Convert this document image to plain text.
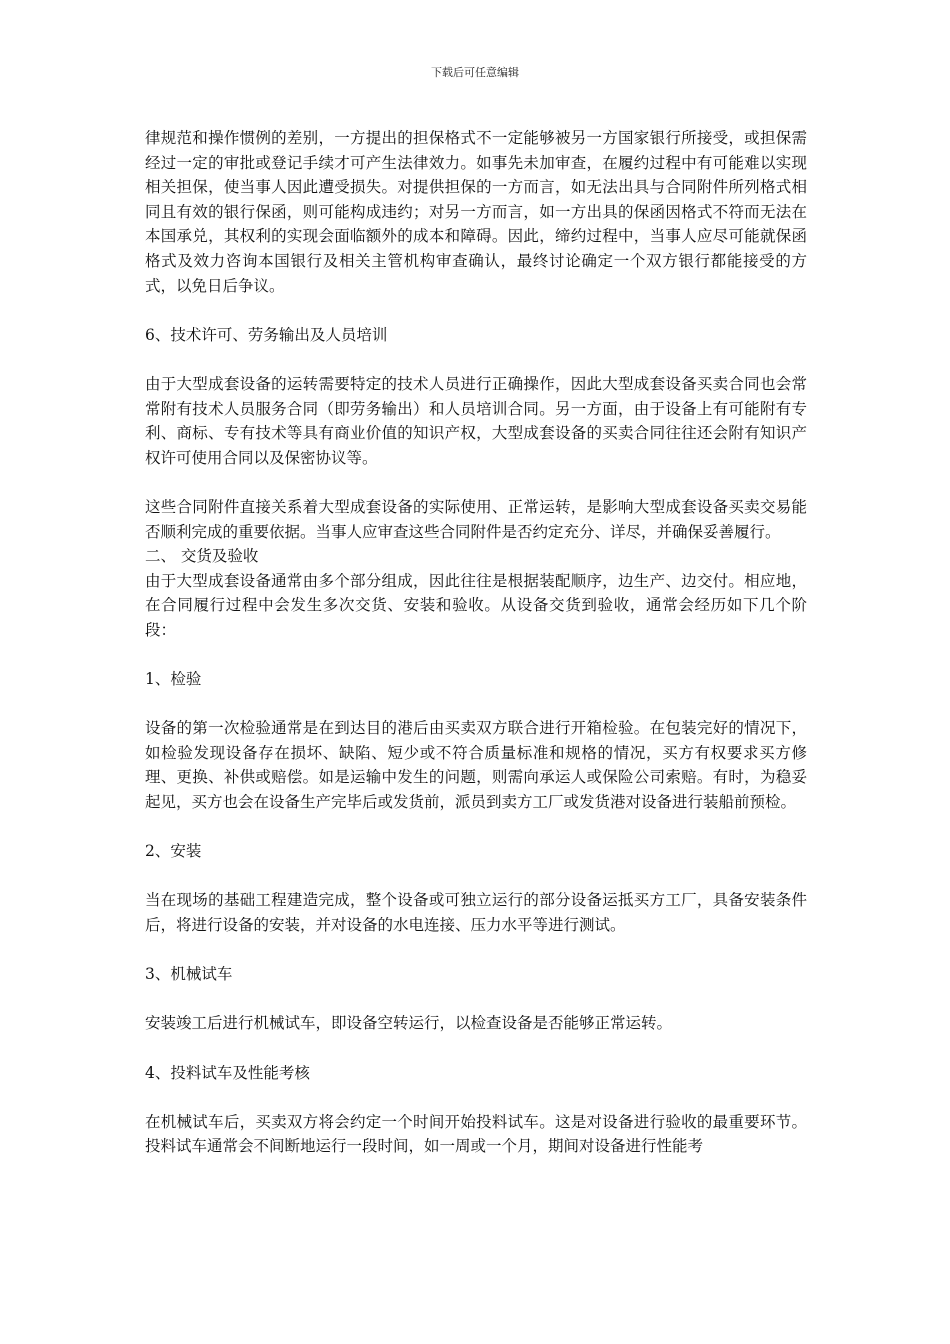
下载后可任意编辑

律规范和操作惯例的差别，一方提出的担保格式不一定能够被另一方国家银行所接受，或担保需经过一定的审批或登记手续才可产生法律效力。如事先未加审查，在履约过程中有可能难以实现相关担保，使当事人因此遭受损失。对提供担保的一方而言，如无法出具与合同附件所列格式相同且有效的银行保函，则可能构成违约；对另一方而言，如一方出具的保函因格式不符而无法在本国承兑，其权利的实现会面临额外的成本和障碍。因此，缔约过程中，当事人应尽可能就保函格式及效力咨询本国银行及相关主管机构审查确认，最终讨论确定一个双方银行都能接受的方式，以免日后争议。

6、技术许可、劳务输出及人员培训

由于大型成套设备的运转需要特定的技术人员进行正确操作，因此大型成套设备买卖合同也会常常附有技术人员服务合同（即劳务输出）和人员培训合同。另一方面，由于设备上有可能附有专利、商标、专有技术等具有商业价值的知识产权，大型成套设备的买卖合同往往还会附有知识产权许可使用合同以及保密协议等。

这些合同附件直接关系着大型成套设备的实际使用、正常运转，是影响大型成套设备买卖交易能否顺利完成的重要依据。当事人应审查这些合同附件是否约定充分、详尽，并确保妥善履行。

二、 交货及验收

由于大型成套设备通常由多个部分组成，因此往往是根据装配顺序，边生产、边交付。相应地，在合同履行过程中会发生多次交货、安装和验收。从设备交货到验收，通常会经历如下几个阶段：

1、检验

设备的第一次检验通常是在到达目的港后由买卖双方联合进行开箱检验。在包装完好的情况下，如检验发现设备存在损坏、缺陷、短少或不符合质量标准和规格的情况，买方有权要求买方修理、更换、补供或赔偿。如是运输中发生的问题，则需向承运人或保险公司索赔。有时，为稳妥起见，买方也会在设备生产完毕后或发货前，派员到卖方工厂或发货港对设备进行装船前预检。

2、安装

当在现场的基础工程建造完成，整个设备或可独立运行的部分设备运抵买方工厂，具备安装条件后，将进行设备的安装，并对设备的水电连接、压力水平等进行测试。

3、机械试车

安装竣工后进行机械试车，即设备空转运行，以检查设备是否能够正常运转。

4、投料试车及性能考核

在机械试车后，买卖双方将会约定一个时间开始投料试车。这是对设备进行验收的最重要环节。投料试车通常会不间断地运行一段时间，如一周或一个月，期间对设备进行性能考
